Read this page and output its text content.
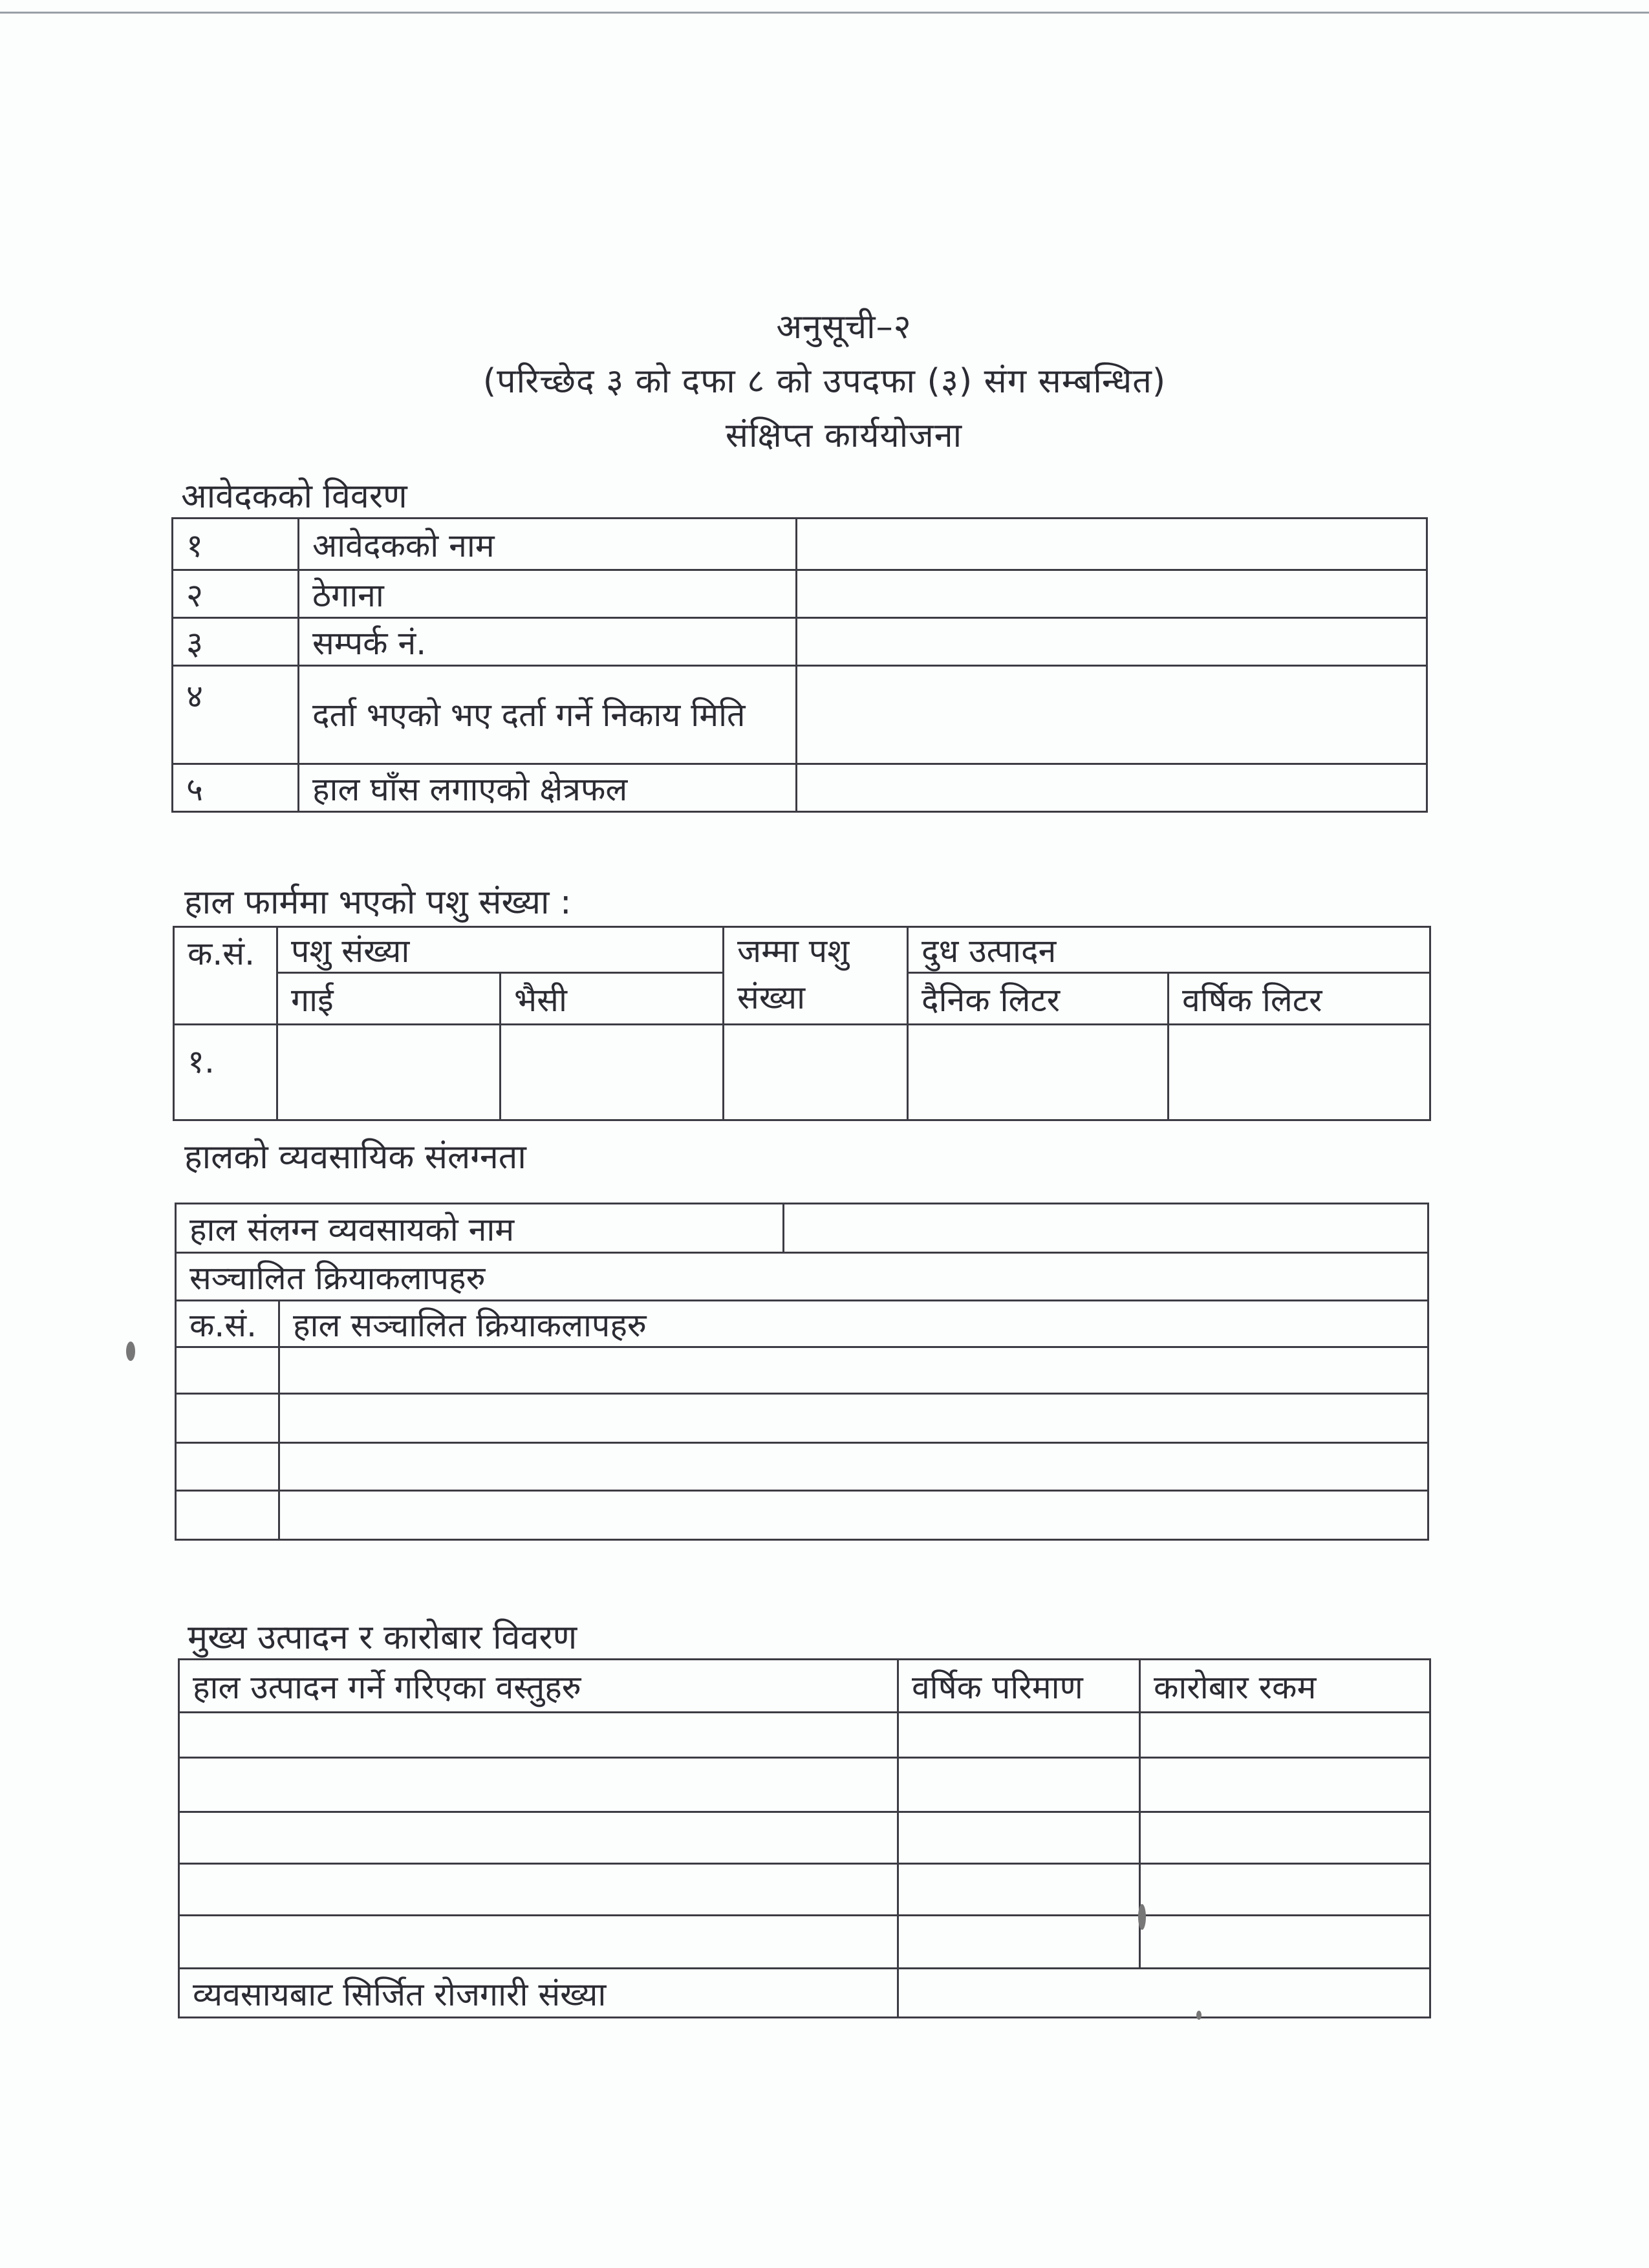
अनुसूची–२
(परिच्छेद ३ को दफा ८ को उपदफा (३) संग सम्बन्धित)
संक्षिप्त कार्ययोजना
आवेदकको विवरण
१	आवेदकको नाम	
२	ठेगाना	
३	सम्पर्क नं.	
४	दर्ता भएको भए दर्ता गर्ने निकाय मिति	
५	हाल घाँस लगाएको क्षेत्रफल	
हाल फार्ममा भएको पशु संख्या :
क.सं.	पशु संख्या		जम्मा पशु संख्या	दुध उत्पादन	
	गाई	भैसी		दैनिक लिटर	वर्षिक लिटर
१.					
हालको व्यवसायिक संलग्नता
हाल संलग्न व्यवसायको नाम		
सञ्चालित क्रियाकलापहरु		
क.सं.	हाल सञ्चालित क्रियाकलापहरु	

मुख्य उत्पादन र कारोबार विवरण
हाल उत्पादन गर्ने गरिएका वस्तुहरु	वर्षिक परिमाण	कारोबार रकम

व्यवसायबाट सिर्जित रोजगारी संख्या		
